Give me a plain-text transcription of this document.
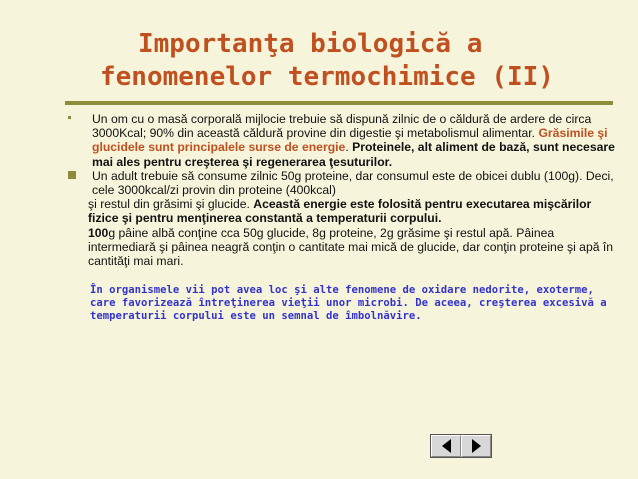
Importanţa biologică a
fenomenelor termochimice (II)

Un om cu o masă corporală mijlocie trebuie să dispună zilnic de o căldură de ardere de circa 3000Kcal; 90% din această căldură provine din digestie şi metabolismul alimentar. Grăsimile şi glucidele sunt principalele surse de energie. Proteinele, alt aliment de bază, sunt necesare mai ales pentru creşterea şi regenerarea ţesuturilor.

Un adult trebuie să consume zilnic 50g proteine, dar consumul este de obicei dublu (100g). Deci, cele 3000kcal/zi provin din proteine (400kcal)

şi restul din grăsimi şi glucide. Această energie este folosită pentru executarea mişcărilor fizice şi pentru menţinerea constantă a temperaturii corpului.

100g pâine albă conţine cca 50g glucide, 8g proteine, 2g grăsime şi restul apă. Pâinea intermediară şi pâinea neagră conţin o cantitate mai mică de glucide, dar conţin proteine şi apă în cantităţi mai mari.

În organismele vii pot avea loc şi alte fenomene de oxidare nedorite, exoterme, care favorizează întreţinerea vieţii unor microbi. De aceea, creşterea excesivă a temperaturii corpului este un semnal de îmbolnăvire.
